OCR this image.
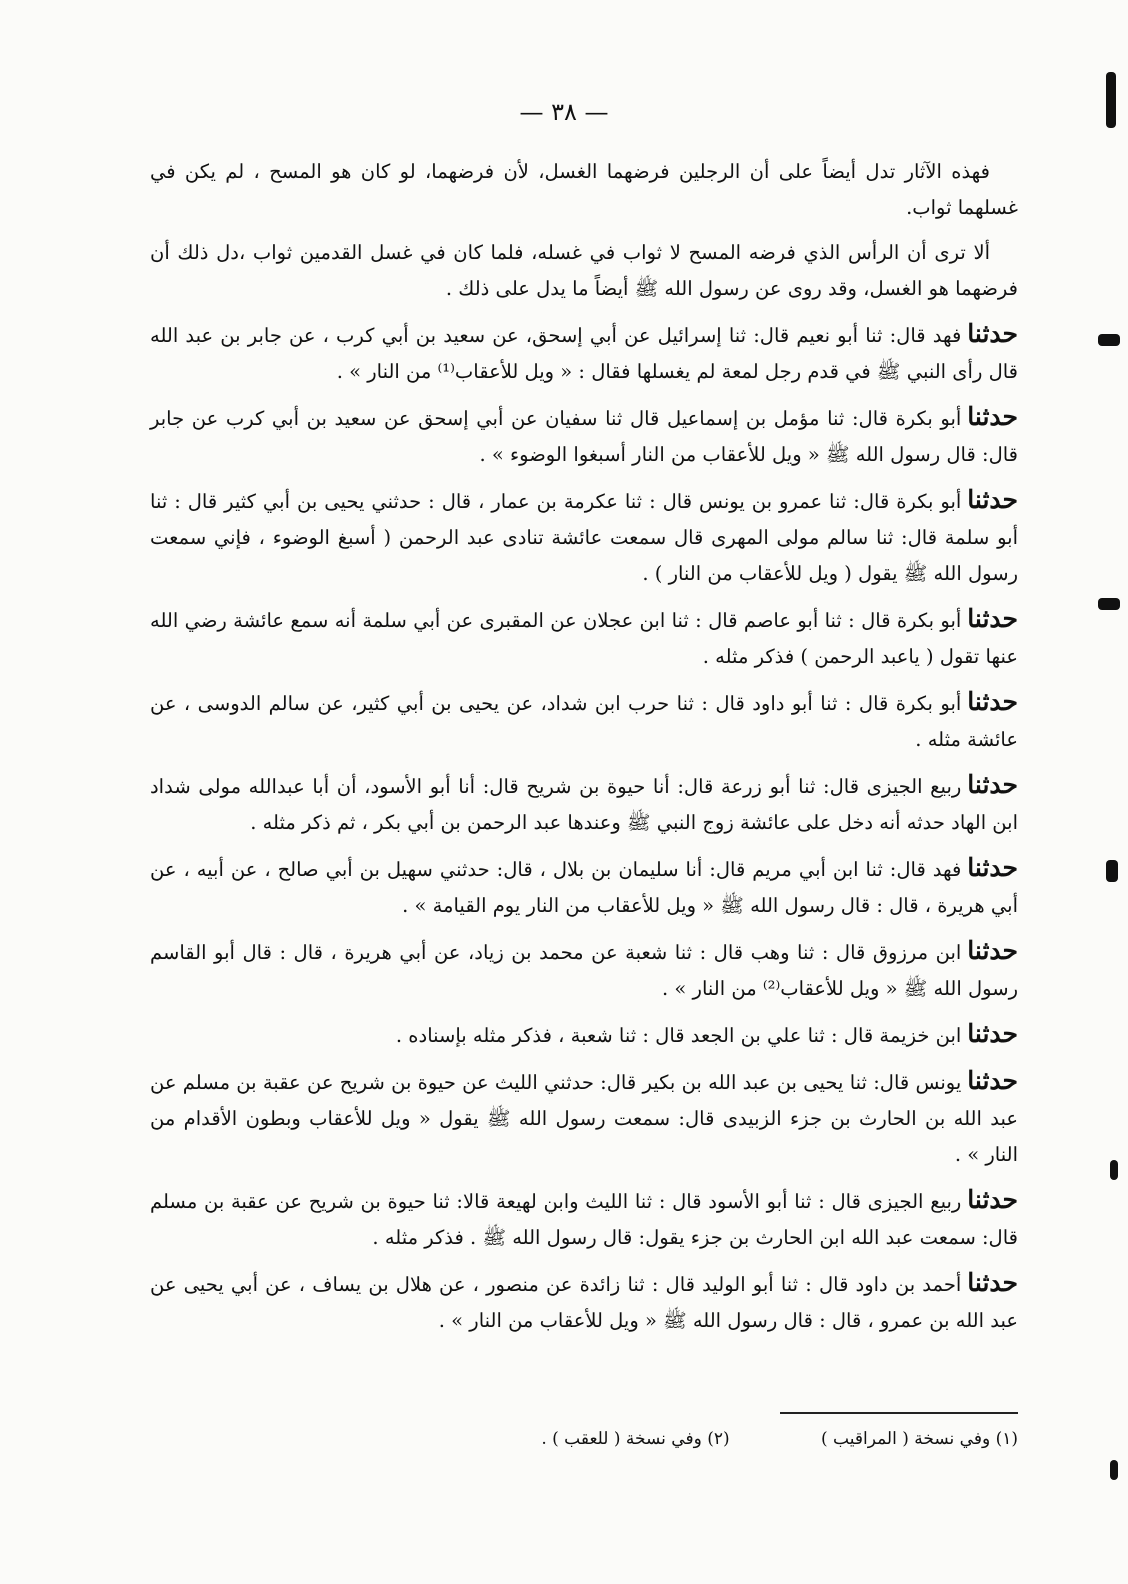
— ٣٨ —

فهذه الآثار تدل أيضاً على أن الرجلين فرضهما الغسل، لأن فرضهما، لو كان هو المسح ، لم يكن في غسلهما ثواب.

ألا ترى أن الرأس الذي فرضه المسح لا ثواب في غسله، فلما كان في غسل القدمين ثواب ،دل ذلك أن فرضهما هو الغسل، وقد روى عن رسول الله ﷺ أيضاً ما يدل على ذلك .

حدثنافهد قال: ثنا أبو نعيم قال: ثنا إسرائيل عن أبي إسحق، عن سعيد بن أبي كرب ، عن جابر بن عبد الله قال رأى النبي ﷺ في قدم رجل لمعة لم يغسلها فقال : « ويل للأعقاب⁽¹⁾ من النار » .

حدثناأبو بكرة قال: ثنا مؤمل بن إسماعيل قال ثنا سفيان عن أبي إسحق عن سعيد بن أبي كرب عن جابر قال: قال رسول الله ﷺ « ويل للأعقاب من النار أسبغوا الوضوء » .

حدثناأبو بكرة قال: ثنا عمرو بن يونس قال : ثنا عكرمة بن عمار ، قال : حدثني يحيى بن أبي كثير قال : ثنا أبو سلمة قال: ثنا سالم مولى المهرى قال سمعت عائشة تنادى عبد الرحمن ( أسبغ الوضوء ، فإني سمعت رسول الله ﷺ يقول ( ويل للأعقاب من النار ) .

حدثناأبو بكرة قال : ثنا أبو عاصم قال : ثنا ابن عجلان عن المقبرى عن أبي سلمة أنه سمع عائشة رضي الله عنها تقول ( ياعبد الرحمن ) فذكر مثله .

حدثناأبو بكرة قال : ثنا أبو داود قال : ثنا حرب ابن شداد، عن يحيى بن أبي كثير، عن سالم الدوسى ، عن عائشة مثله .

حدثناربيع الجيزى قال: ثنا أبو زرعة قال: أنا حيوة بن شريح قال: أنا أبو الأسود، أن أبا عبدالله مولى شداد ابن الهاد حدثه أنه دخل على عائشة زوج النبي ﷺ وعندها عبد الرحمن بن أبي بكر ، ثم ذكر مثله .

حدثنافهد قال: ثنا ابن أبي مريم قال: أنا سليمان بن بلال ، قال: حدثني سهيل بن أبي صالح ، عن أبيه ، عن أبي هريرة ، قال : قال رسول الله ﷺ « ويل للأعقاب من النار يوم القيامة » .

حدثناابن مرزوق قال : ثنا وهب قال : ثنا شعبة عن محمد بن زياد، عن أبي هريرة ، قال : قال أبو القاسم رسول الله ﷺ « ويل للأعقاب⁽²⁾ من النار » .

حدثناابن خزيمة قال : ثنا علي بن الجعد قال : ثنا شعبة ، فذكر مثله بإسناده .

حدثنايونس قال: ثنا يحيى بن عبد الله بن بكير قال: حدثني الليث عن حيوة بن شريح عن عقبة بن مسلم عن عبد الله بن الحارث بن جزء الزبيدى قال: سمعت رسول الله ﷺ يقول « ويل للأعقاب وبطون الأقدام من النار » .

حدثناربيع الجيزى قال : ثنا أبو الأسود قال : ثنا الليث وابن لهيعة قالا: ثنا حيوة بن شريح عن عقبة بن مسلم قال: سمعت عبد الله ابن الحارث بن جزء يقول: قال رسول الله ﷺ . فذكر مثله .

حدثناأحمد بن داود قال : ثنا أبو الوليد قال : ثنا زائدة عن منصور ، عن هلال بن يساف ، عن أبي يحيى عن عبد الله بن عمرو ، قال : قال رسول الله ﷺ « ويل للأعقاب من النار » .

(١) وفي نسخة ( المراقيب ) (٢) وفي نسخة ( للعقب ) .
